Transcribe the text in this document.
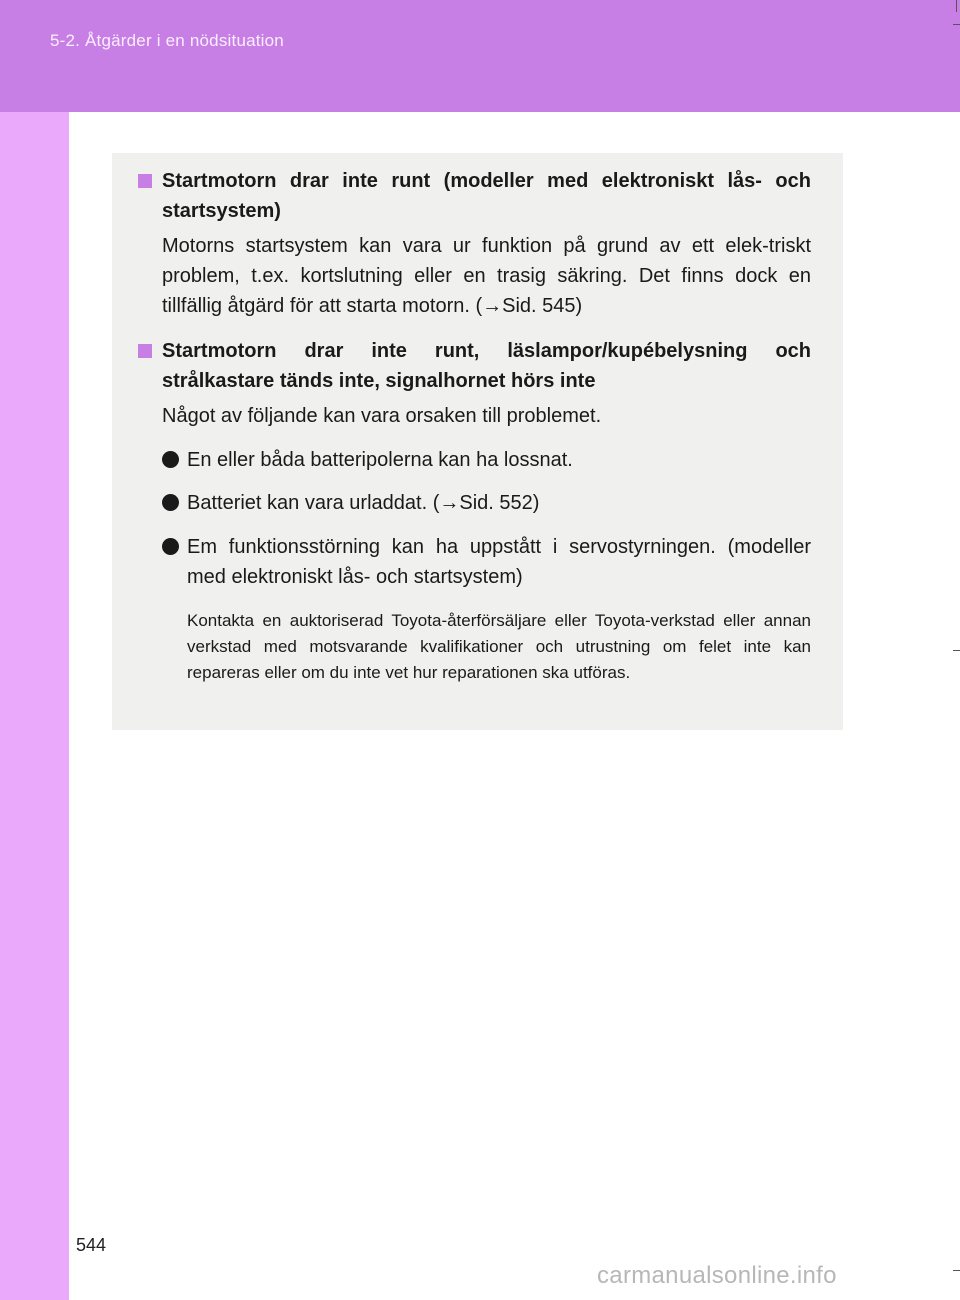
5-2. Åtgärder i en nödsituation
Startmotorn drar inte runt (modeller med elektroniskt lås- och startsystem)
Motorns startsystem kan vara ur funktion på grund av ett elek-triskt problem, t.ex. kortslutning eller en trasig säkring. Det finns dock en tillfällig åtgärd för att starta motorn. (→Sid. 545)
Startmotorn drar inte runt, läslampor/kupébelysning och strålkastare tänds inte, signalhornet hörs inte
Något av följande kan vara orsaken till problemet.
En eller båda batteripolerna kan ha lossnat.
Batteriet kan vara urladdat. (→Sid. 552)
Em funktionsstörning kan ha uppstått i servostyrningen. (modeller med elektroniskt lås- och startsystem)
Kontakta en auktoriserad Toyota-återförsäljare eller Toyota-verkstad eller annan verkstad med motsvarande kvalifikationer och utrustning om felet inte kan repareras eller om du inte vet hur reparationen ska utföras.
544
carmanualsonline.info
